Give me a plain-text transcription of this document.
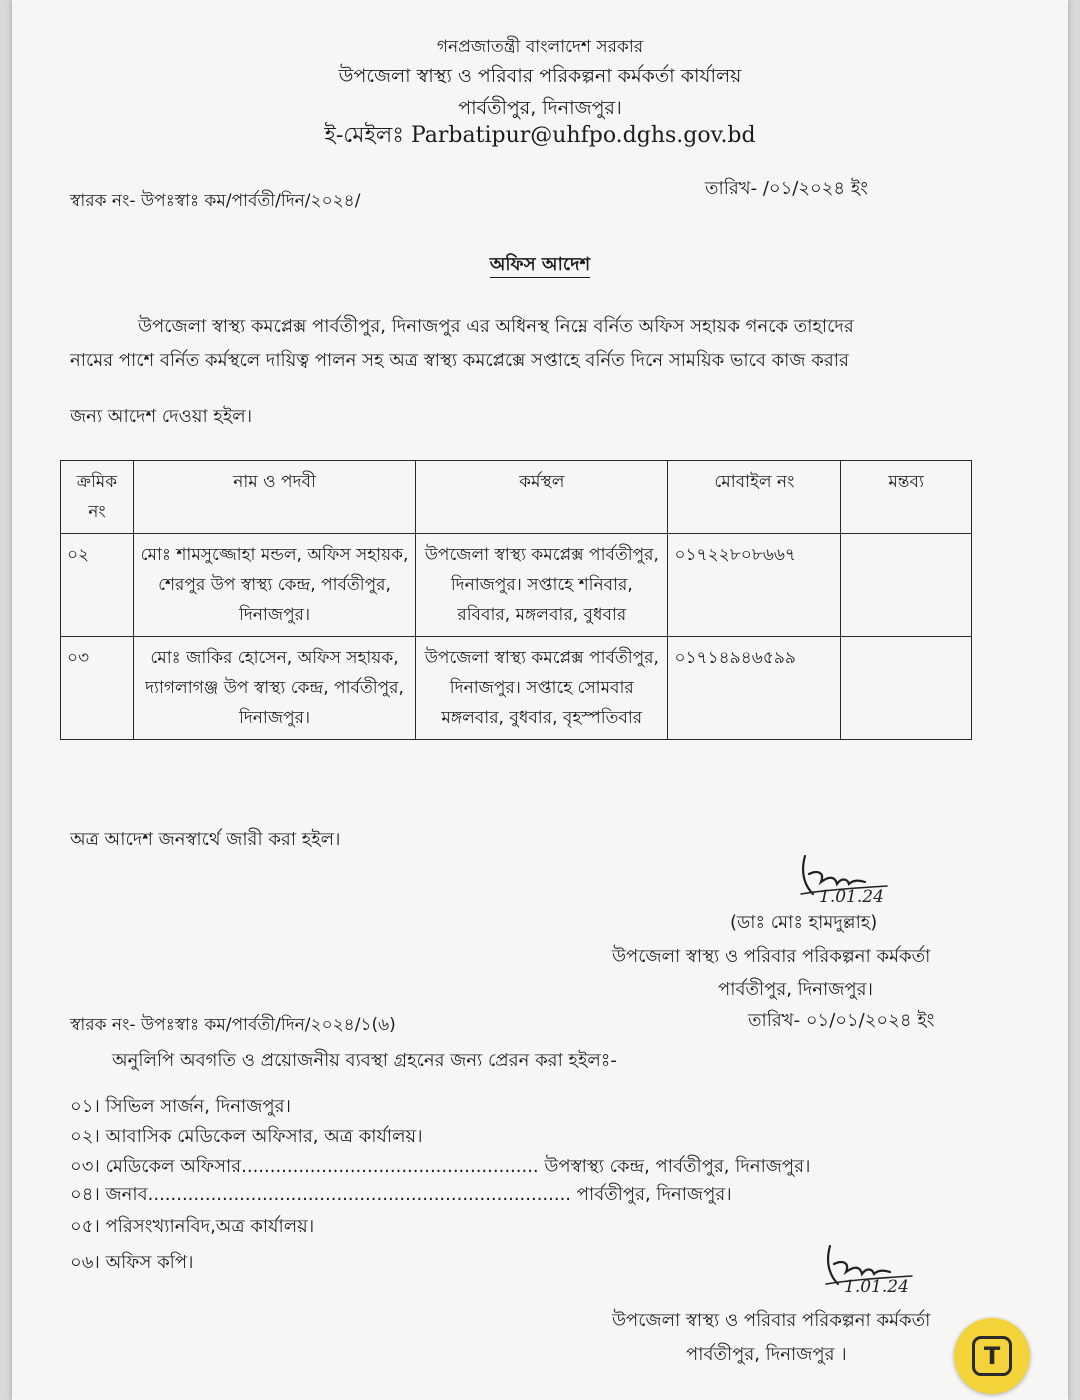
গনপ্রজাতন্ত্রী বাংলাদেশ সরকার
উপজেলা স্বাস্থ্য ও পরিবার পরিকল্পনা কর্মকর্তা কার্যালয়
পার্বতীপুর, দিনাজপুর।
ই-মেইলঃ Parbatipur@uhfpo.dghs.gov.bd
স্বারক নং- উপঃস্বাঃ কম/পার্বতী/দিন/২০২৪/
তারিখ- /০১/২০২৪ ইং
অফিস আদেশ
উপজেলা স্বাস্থ্য কমপ্লেক্স পার্বতীপুর, দিনাজপুর এর অধিনস্থ নিম্নে বর্নিত অফিস সহায়ক গনকে তাহাদের
নামের পাশে বর্নিত কর্মস্থলে দায়িত্ব পালন সহ অত্র স্বাস্থ্য কমপ্লেক্সে সপ্তাহে বর্নিত দিনে সাময়িক ভাবে কাজ করার
জন্য আদেশ দেওয়া হইল।
ক্রমিক নং	নাম ও পদবী	কর্মস্থল	মোবাইল নং	মন্তব্য
০২	মোঃ শামসুজ্জোহা মন্ডল, অফিস সহায়ক, শেরপুর উপ স্বাস্থ্য কেন্দ্র, পার্বতীপুর, দিনাজপুর।	উপজেলা স্বাস্থ্য কমপ্লেক্স পার্বতীপুর, দিনাজপুর। সপ্তাহে শনিবার, রবিবার, মঙ্গলবার, বুধবার	০১৭২২৮০৮৬৬৭	
০৩	মোঃ জাকির হোসেন, অফিস সহায়ক, দ্যাগলাগঞ্জ উপ স্বাস্থ্য কেন্দ্র, পার্বতীপুর, দিনাজপুর।	উপজেলা স্বাস্থ্য কমপ্লেক্স পার্বতীপুর, দিনাজপুর। সপ্তাহে সোমবার মঙ্গলবার, বুধবার, বৃহস্পতিবার	০১৭১৪৯৪৬৫৯৯	
অত্র আদেশ জনস্বার্থে জারী করা হইল।
1.01.24
(ডাঃ মোঃ হামদুল্লাহ)
উপজেলা স্বাস্থ্য ও পরিবার পরিকল্পনা কর্মকর্তা
পার্বতীপুর, দিনাজপুর।
স্বারক নং- উপঃস্বাঃ কম/পার্বতী/দিন/২০২৪/১(৬)	তারিখ- ০১/০১/২০২৪ ইং
অনুলিপি অবগতি ও প্রয়োজনীয় ব্যবস্থা গ্রহনের জন্য প্রেরন করা হইলঃ-
০১। সিভিল সার্জন, দিনাজপুর।
০২। আবাসিক মেডিকেল অফিসার, অত্র কার্যালয়।
০৩। মেডিকেল অফিসার.................................................... উপস্বাস্থ্য কেন্দ্র, পার্বতীপুর, দিনাজপুর।
০৪। জনাব.......................................................................... পার্বতীপুর, দিনাজপুর।
০৫। পরিসংখ্যানবিদ,অত্র কার্যালয়।
০৬। অফিস কপি।
1.01.24
উপজেলা স্বাস্থ্য ও পরিবার পরিকল্পনা কর্মকর্তা
পার্বতীপুর, দিনাজপুর ।	T
